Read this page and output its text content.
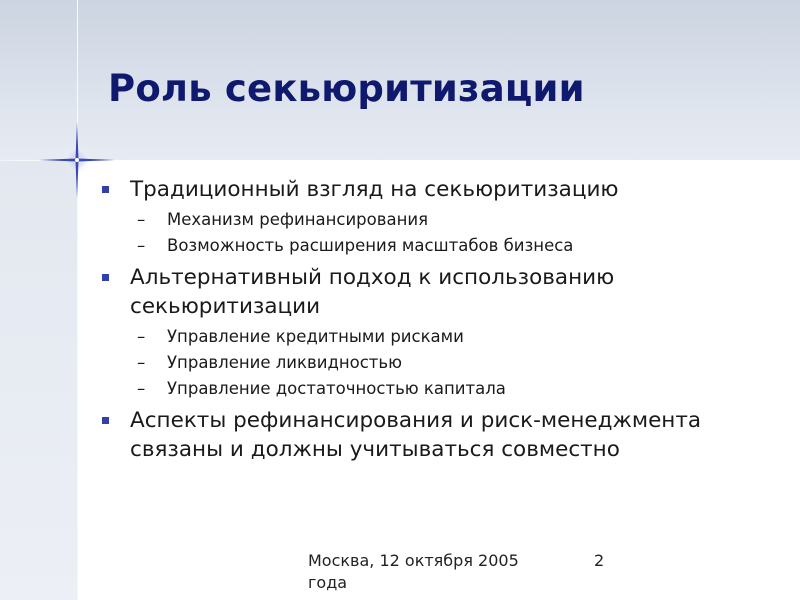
Роль секьюритизации
Традиционный взгляд на секьюритизацию
– Механизм рефинансирования
– Возможность расширения масштабов бизнеса
Альтернативный подход к использованию секьюритизации
– Управление кредитными рисками
– Управление ликвидностью
– Управление достаточностью капитала
Аспекты рефинансирования и риск-менеджмента связаны и должны учитываться совместно
Москва, 12 октября 2005 года
2
